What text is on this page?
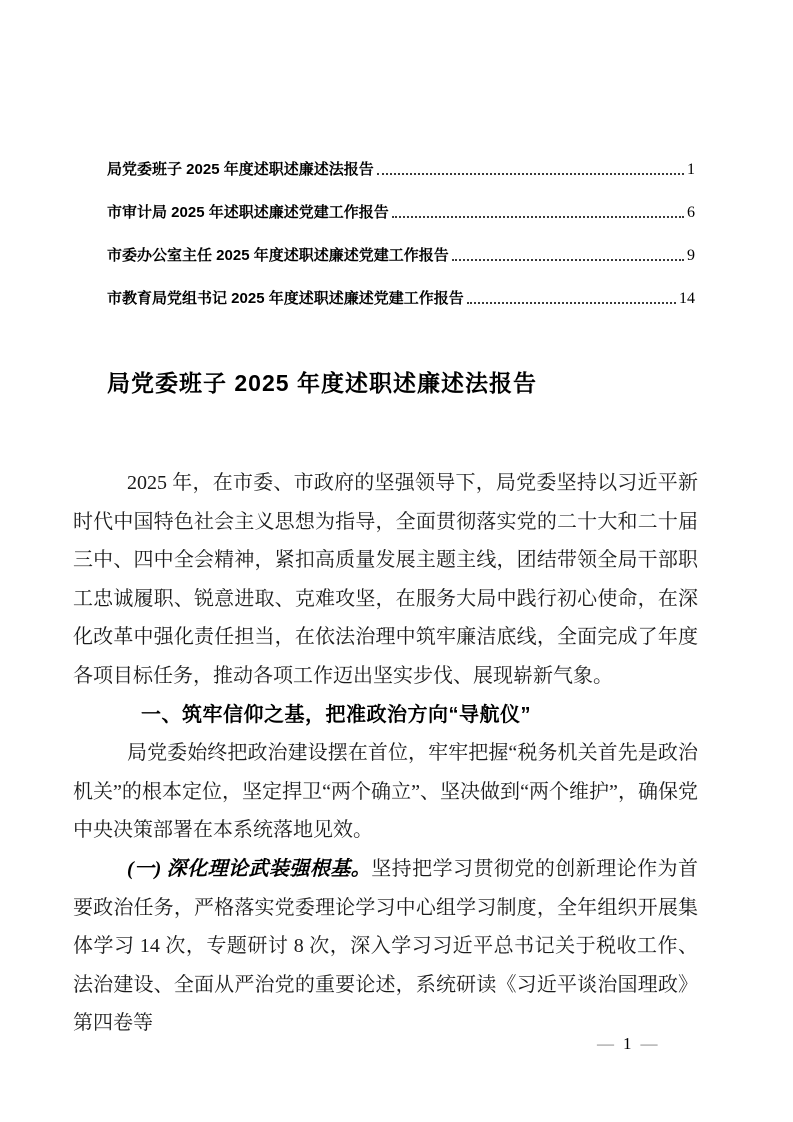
局党委班子 2025 年度述职述廉述法报告	1
市审计局 2025 年述职述廉述党建工作报告	6
市委办公室主任 2025 年度述职述廉述党建工作报告	9
市教育局党组书记 2025 年度述职述廉述党建工作报告	14
局党委班子 2025 年度述职述廉述法报告

2025 年，在市委、市政府的坚强领导下，局党委坚持以习近平新时代中国特色社会主义思想为指导，全面贯彻落实党的二十大和二十届三中、四中全会精神，紧扣高质量发展主题主线，团结带领全局干部职工忠诚履职、锐意进取、克难攻坚，在服务大局中践行初心使命，在深化改革中强化责任担当，在依法治理中筑牢廉洁底线，全面完成了年度各项目标任务，推动各项工作迈出坚实步伐、展现崭新气象。

一、筑牢信仰之基，把准政治方向“导航仪”

局党委始终把政治建设摆在首位，牢牢把握“税务机关首先是政治机关”的根本定位，坚定捍卫“两个确立”、坚决做到“两个维护”，确保党中央决策部署在本系统落地见效。

(一) 深化理论武装强根基。坚持把学习贯彻党的创新理论作为首要政治任务，严格落实党委理论学习中心组学习制度，全年组织开展集体学习 14 次，专题研讨 8 次，深入学习习近平总书记关于税收工作、法治建设、全面从严治党的重要论述，系统研读《习近平谈治国理政》第四卷等

— 1 —
